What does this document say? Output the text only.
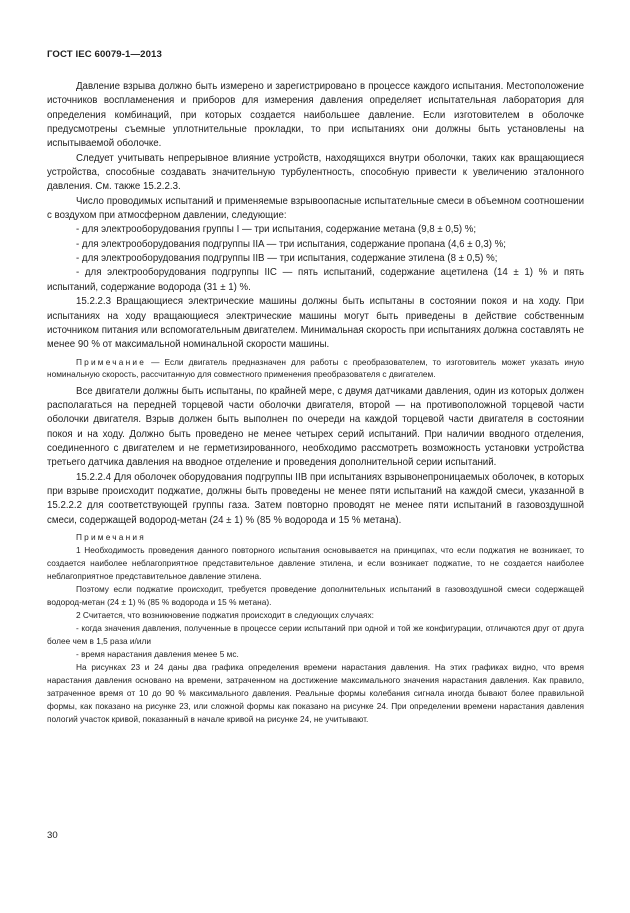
ГОСТ IEC 60079-1—2013

Давление взрыва должно быть измерено и зарегистрировано в процессе каждого испытания. Местоположение источников воспламенения и приборов для измерения давления определяет испытательная лаборатория для определения комбинаций, при которых создается наибольшее давление. Если изготовителем в оболочке предусмотрены съемные уплотнительные прокладки, то при испытаниях они должны быть установлены на испытываемой оболочке.

Следует учитывать непрерывное влияние устройств, находящихся внутри оболочки, таких как вращающиеся устройства, способные создавать значительную турбулентность, способную привести к увеличению эталонного давления. См. также 15.2.2.3.

Число проводимых испытаний и применяемые взрывоопасные испытательные смеси в объемном соотношении с воздухом при атмосферном давлении, следующие:

- для электрооборудования группы I — три испытания, содержание метана (9,8 ± 0,5) %;

- для электрооборудования подгруппы IIA — три испытания, содержание пропана (4,6 ± 0,3) %;

- для электрооборудования подгруппы IIB — три испытания, содержание этилена (8 ± 0,5) %;

- для электрооборудования подгруппы IIC — пять испытаний, содержание ацетилена (14 ± 1) % и пять испытаний, содержание водорода (31 ± 1) %.

15.2.2.3 Вращающиеся электрические машины должны быть испытаны в состоянии покоя и на ходу. При испытаниях на ходу вращающиеся электрические машины могут быть приведены в действие собственным источником питания или вспомогательным двигателем. Минимальная скорость при испытаниях должна составлять не менее 90 % от максимальной номинальной скорости машины.

Примечание — Если двигатель предназначен для работы с преобразователем, то изготовитель может указать иную номинальную скорость, рассчитанную для совместного применения преобразователя с двигателем.

Все двигатели должны быть испытаны, по крайней мере, с двумя датчиками давления, один из которых должен располагаться на передней торцевой части оболочки двигателя, второй — на противоположной торцевой части оболочки двигателя. Взрыв должен быть выполнен по очереди на каждой торцевой части двигателя в состоянии покоя и на ходу. Должно быть проведено не менее четырех серий испытаний. При наличии вводного отделения, соединенного с двигателем и не герметизированного, необходимо рассмотреть возможность установки устройства третьего датчика давления на вводное отделение и проведения дополнительной серии испытаний.

15.2.2.4 Для оболочек оборудования подгруппы IIB при испытаниях взрывонепроницаемых оболочек, в которых при взрыве происходит поджатие, должны быть проведены не менее пяти испытаний на каждой смеси, указанной в 15.2.2.2 для соответствующей группы газа. Затем повторно проводят не менее пяти испытаний в газовоздушной смеси, содержащей водород-метан (24 ± 1) % (85 % водорода и 15 % метана).

Примечания

1 Необходимость проведения данного повторного испытания основывается на принципах, что если поджатия не возникает, то создается наиболее неблагоприятное представительное давление этилена, и если возникает поджатие, то не создается наиболее неблагоприятное представительное давление этилена.

Поэтому если поджатие происходит, требуется проведение дополнительных испытаний в газовоздушной смеси содержащей водород-метан (24 ± 1) % (85 % водорода и 15 % метана).

2 Считается, что возникновение поджатия происходит в следующих случаях:

- когда значения давления, полученные в процессе серии испытаний при одной и той же конфигурации, отличаются друг от друга более чем в 1,5 раза и/или

- время нарастания давления менее 5 мс.

На рисунках 23 и 24 даны два графика определения времени нарастания давления. На этих графиках видно, что время нарастания давления основано на времени, затраченном на достижение максимального значения нарастания давления. Как правило, затраченное время от 10 до 90 % максимального давления. Реальные формы колебания сигнала иногда бывают более правильной формы, как показано на рисунке 23, или сложной формы как показано на рисунке 24. При определении времени нарастания давления пологий участок кривой, показанный в начале кривой на рисунке 24, не учитывают.

30
